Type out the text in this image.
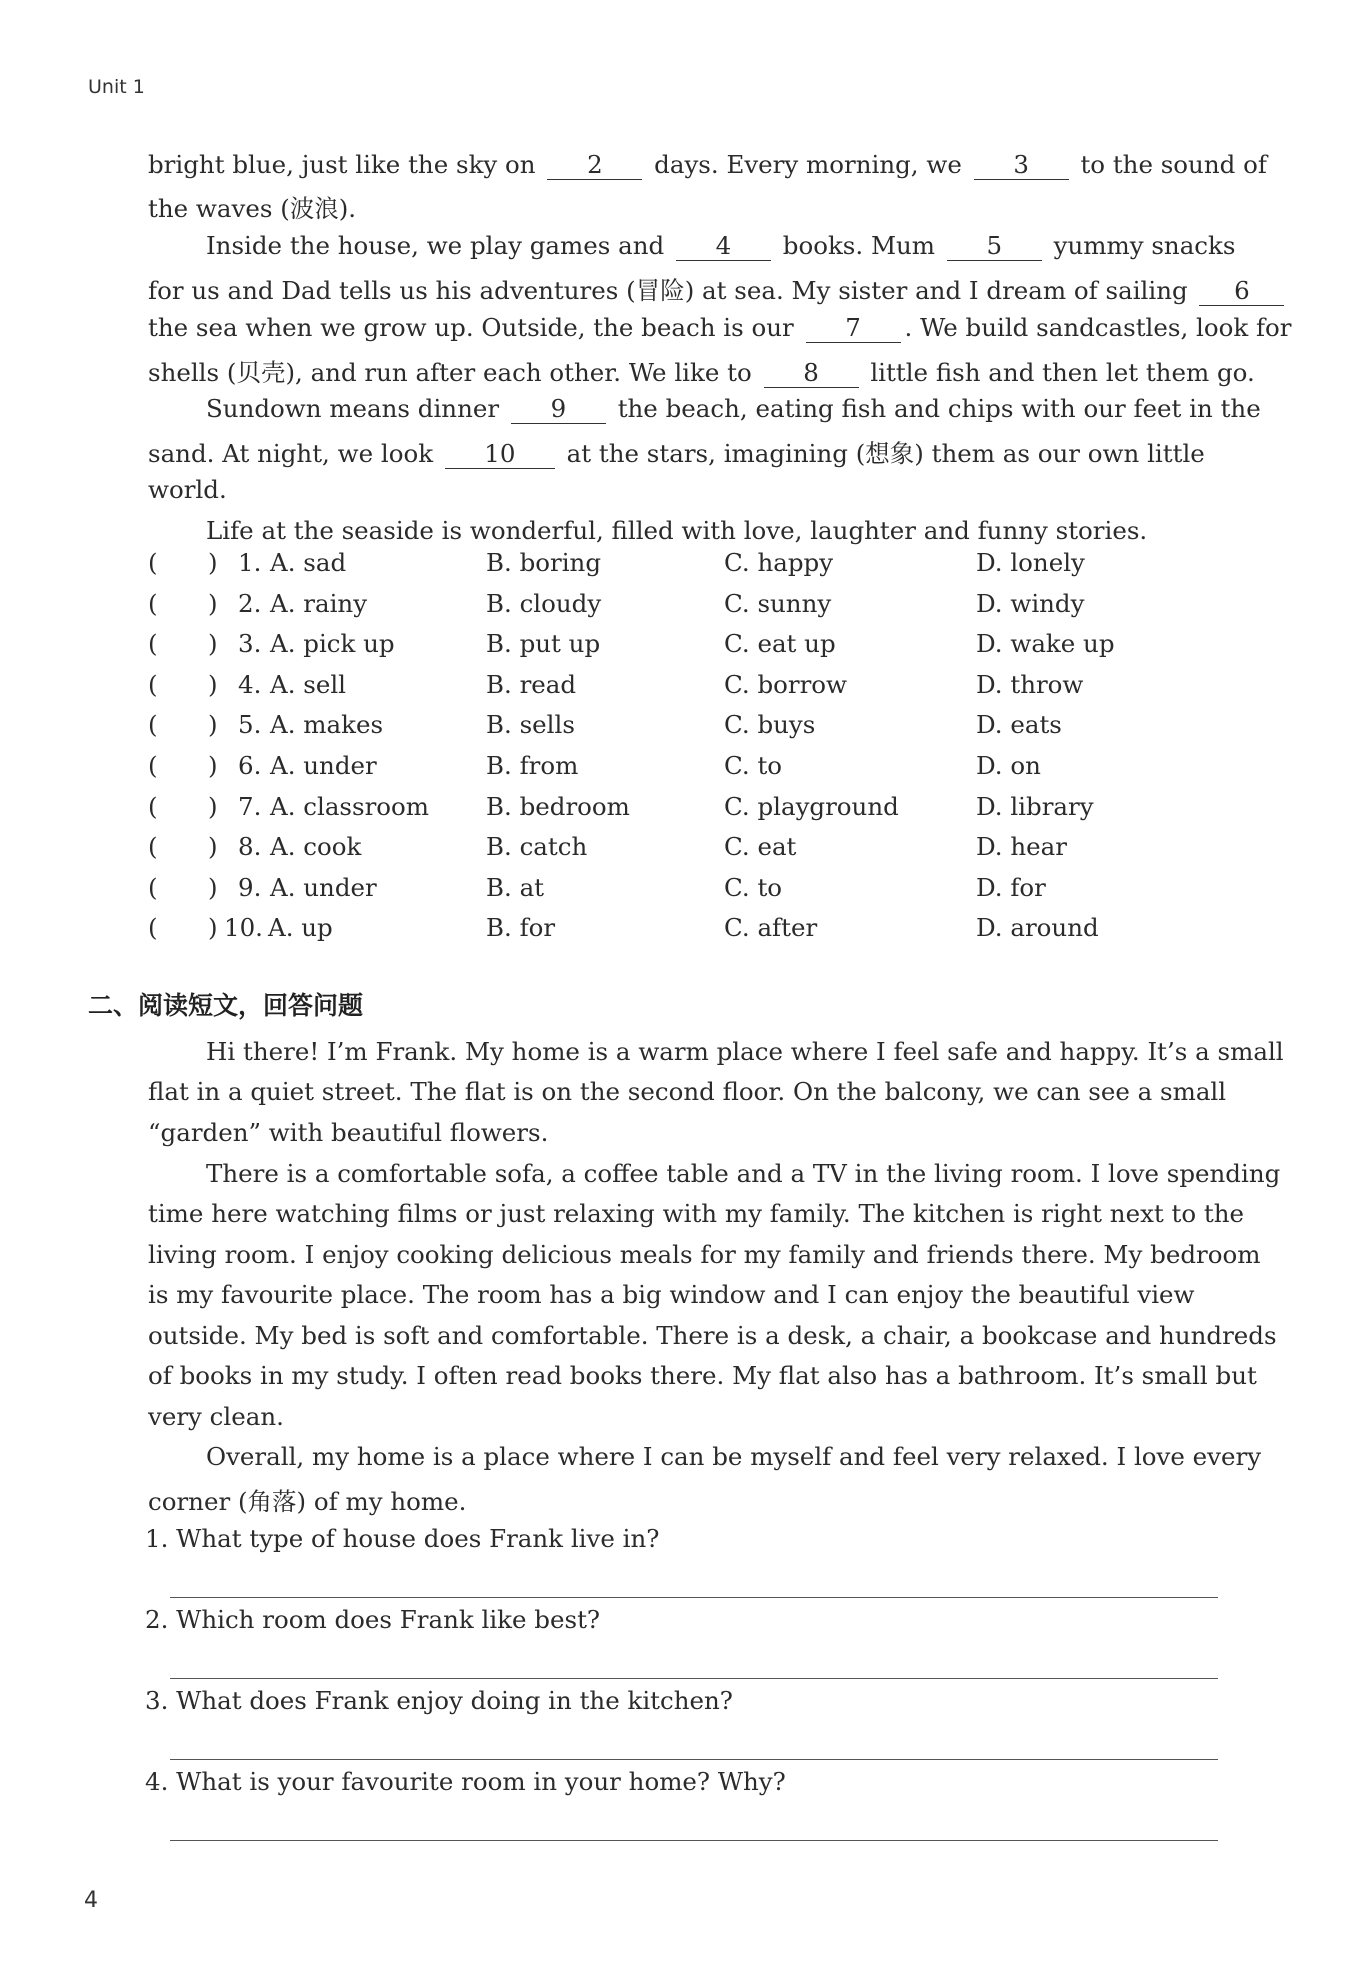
Unit 1
bright blue, just like the sky on 2 days. Every morning, we 3 to the sound of
the waves (波浪).
Inside the house, we play games and 4 books. Mum 5 yummy snacks
for us and Dad tells us his adventures (冒险) at sea. My sister and I dream of sailing 6
the sea when we grow up. Outside, the beach is our 7 . We build sandcastles, look for
shells (贝壳), and run after each other. We like to 8 little fish and then let them go.
Sundown means dinner 9 the beach, eating fish and chips with our feet in the
sand. At night, we look 10 at the stars, imagining (想象) them as our own little
world.
Life at the seaside is wonderful, filled with love, laughter and funny stories.
( ) 1. A. sad	B. boring	C. happy	D. lonely
( ) 2. A. rainy	B. cloudy	C. sunny	D. windy
( ) 3. A. pick up	B. put up	C. eat up	D. wake up
( ) 4. A. sell	B. read	C. borrow	D. throw
( ) 5. A. makes	B. sells	C. buys	D. eats
( ) 6. A. under	B. from	C. to	D. on
( ) 7. A. classroom B. bedroom	C. playground	D. library
( ) 8. A. cook	B. catch	C. eat	D. hear
( ) 9. A. under	B. at	C. to	D. for
( ) 10. A. up	B. for	C. after	D. around
二、阅读短文，回答问题
Hi there! I’m Frank. My home is a warm place where I feel safe and happy. It’s a small
flat in a quiet street. The flat is on the second floor. On the balcony, we can see a small
“garden” with beautiful flowers.
There is a comfortable sofa, a coffee table and a TV in the living room. I love spending
time here watching films or just relaxing with my family. The kitchen is right next to the
living room. I enjoy cooking delicious meals for my family and friends there. My bedroom
is my favourite place. The room has a big window and I can enjoy the beautiful view
outside. My bed is soft and comfortable. There is a desk, a chair, a bookcase and hundreds
of books in my study. I often read books there. My flat also has a bathroom. It’s small but
very clean.
Overall, my home is a place where I can be myself and feel very relaxed. I love every
corner (角落) of my home.
1. What type of house does Frank live in?
2. Which room does Frank like best?
3. What does Frank enjoy doing in the kitchen?
4. What is your favourite room in your home? Why?
4
